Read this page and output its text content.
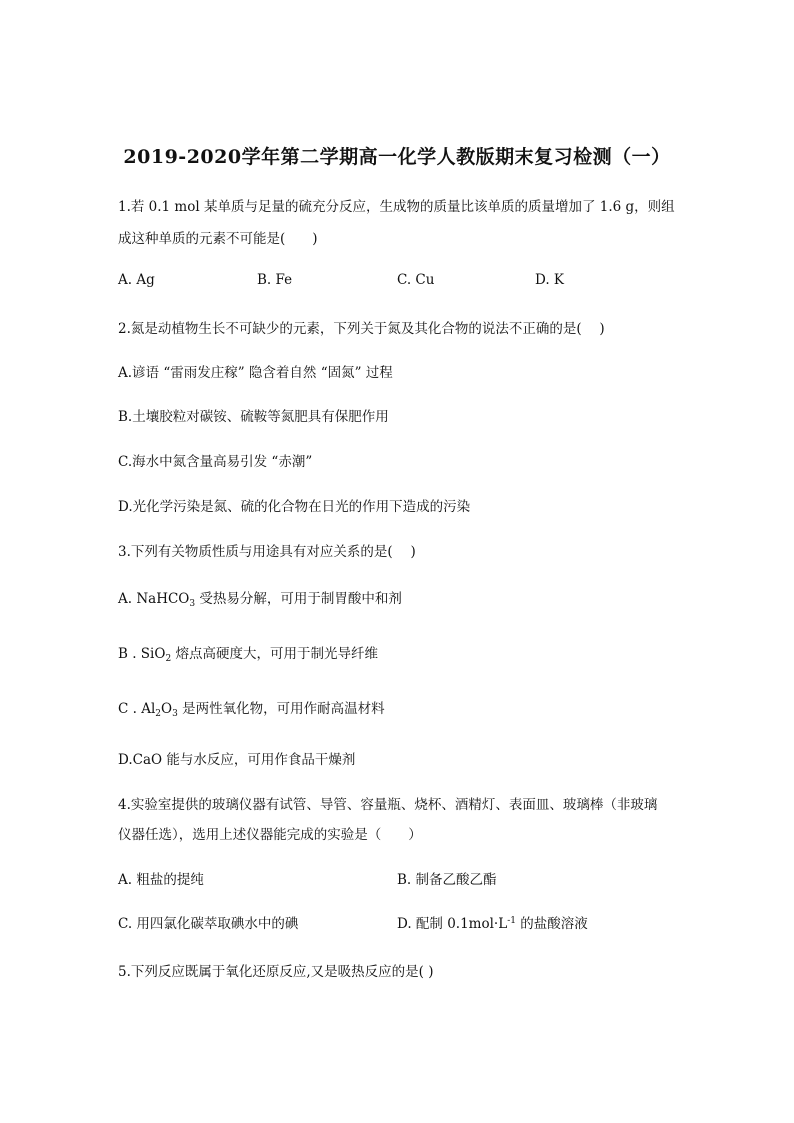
2019-2020学年第二学期高一化学人教版期末复习检测（一）
1.若 0.1 mol 某单质与足量的硫充分反应，生成物的质量比该单质的质量增加了 1.6 g，则组
成这种单质的元素不可能是(　　)
A. Ag	B. Fe	C. Cu	D. K
2.氮是动植物生长不可缺少的元素，下列关于氮及其化合物的说法不正确的是(　 )
A.谚语 “雷雨发庄稼” 隐含着自然 “固氮” 过程
B.土壤胶粒对碳铵、硫鞍等氮肥具有保肥作用
C.海水中氮含量高易引发 “赤潮”
D.光化学污染是氮、硫的化合物在日光的作用下造成的污染
3.下列有关物质性质与用途具有对应关系的是(　 )
A. NaHCO$_3$ 受热易分解，可用于制胃酸中和剂
B . SiO$_2$ 熔点高硬度大，可用于制光导纤维
C . $Al_2O_3$ 是两性氧化物，可用作耐高温材料
D.CaO 能与水反应，可用作食品干燥剂
4.实验室提供的玻璃仪器有试管、导管、容量瓶、烧杯、酒精灯、表面皿、玻璃棒（非玻璃
仪器任选），选用上述仪器能完成的实验是（　　）
A. 粗盐的提纯	B. 制备乙酸乙酯
C. 用四氯化碳萃取碘水中的碘	D. 配制 $0.1mol\cdot L^{-1}$ 的盐酸溶液
5.下列反应既属于氧化还原反应,又是吸热反应的是( )
